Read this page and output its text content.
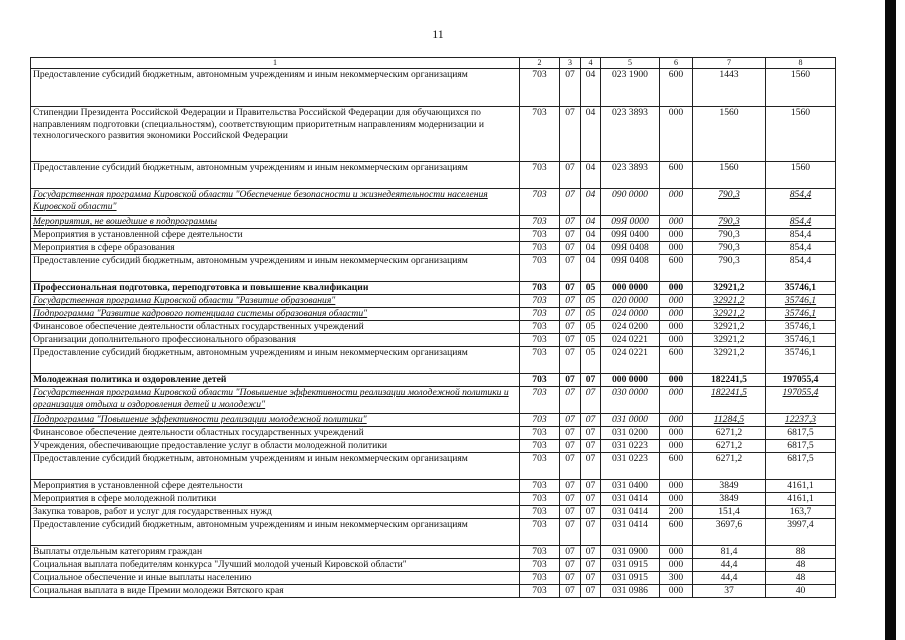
11
1	2	3	4	5	6	7	8
Предоставление субсидий бюджетным, автономным учреждениям и иным некоммерческим организациям	703	07	04	023 1900	600	1443	1560
Стипендии Президента Российской Федерации и Правительства Российской Федерации для обучающихся по направлениям подготовки (специальностям), соответствующим приоритетным направлениям модернизации и технологического развития экономики Российской Федерации	703	07	04	023 3893	000	1560	1560
Предоставление субсидий бюджетным, автономным учреждениям и иным некоммерческим организациям	703	07	04	023 3893	600	1560	1560
Государственная программа Кировской области "Обеспечение безопасности и жизнедеятельности населения Кировской области"	703	07	04	090 0000	000	790,3	854,4
Мероприятия, не вошедшие в подпрограммы	703	07	04	09Я 0000	000	790,3	854,4
Мероприятия в установленной сфере деятельности	703	07	04	09Я 0400	000	790,3	854,4
Мероприятия в сфере образования	703	07	04	09Я 0408	000	790,3	854,4
Предоставление субсидий бюджетным, автономным учреждениям и иным некоммерческим организациям	703	07	04	09Я 0408	600	790,3	854,4
Профессиональная подготовка, переподготовка и повышение квалификации	703	07	05	000 0000	000	32921,2	35746,1
Государственная программа Кировской области "Развитие образования"	703	07	05	020 0000	000	32921,2	35746,1
Подпрограмма "Развитие кадрового потенциала системы образования области"	703	07	05	024 0000	000	32921,2	35746,1
Финансовое обеспечение деятельности областных государственных учреждений	703	07	05	024 0200	000	32921,2	35746,1
Организации дополнительного профессионального образования	703	07	05	024 0221	000	32921,2	35746,1
Предоставление субсидий бюджетным, автономным учреждениям и иным некоммерческим организациям	703	07	05	024 0221	600	32921,2	35746,1
Молодежная политика и оздоровление детей	703	07	07	000 0000	000	182241,5	197055,4
Государственная программа Кировской области "Повышение эффективности реализации молодежной политики и организация отдыха и оздоровления детей и молодежи"	703	07	07	030 0000	000	182241,5	197055,4
Подпрограмма "Повышение эффективности реализации молодежной политики"	703	07	07	031 0000	000	11284,5	12237,3
Финансовое обеспечение деятельности областных государственных учреждений	703	07	07	031 0200	000	6271,2	6817,5
Учреждения, обеспечивающие предоставление услуг в области молодежной политики	703	07	07	031 0223	000	6271,2	6817,5
Предоставление субсидий бюджетным, автономным учреждениям и иным некоммерческим организациям	703	07	07	031 0223	600	6271,2	6817,5
Мероприятия в установленной сфере деятельности	703	07	07	031 0400	000	3849	4161,1
Мероприятия в сфере молодежной политики	703	07	07	031 0414	000	3849	4161,1
Закупка товаров, работ и услуг для государственных нужд	703	07	07	031 0414	200	151,4	163,7
Предоставление субсидий бюджетным, автономным учреждениям и иным некоммерческим организациям	703	07	07	031 0414	600	3697,6	3997,4
Выплаты отдельным категориям граждан	703	07	07	031 0900	000	81,4	88
Социальная выплата победителям конкурса "Лучший молодой ученый Кировской области"	703	07	07	031 0915	000	44,4	48
Социальное обеспечение и иные выплаты населению	703	07	07	031 0915	300	44,4	48
Социальная выплата в виде Премии молодежи Вятского края	703	07	07	031 0986	000	37	40
